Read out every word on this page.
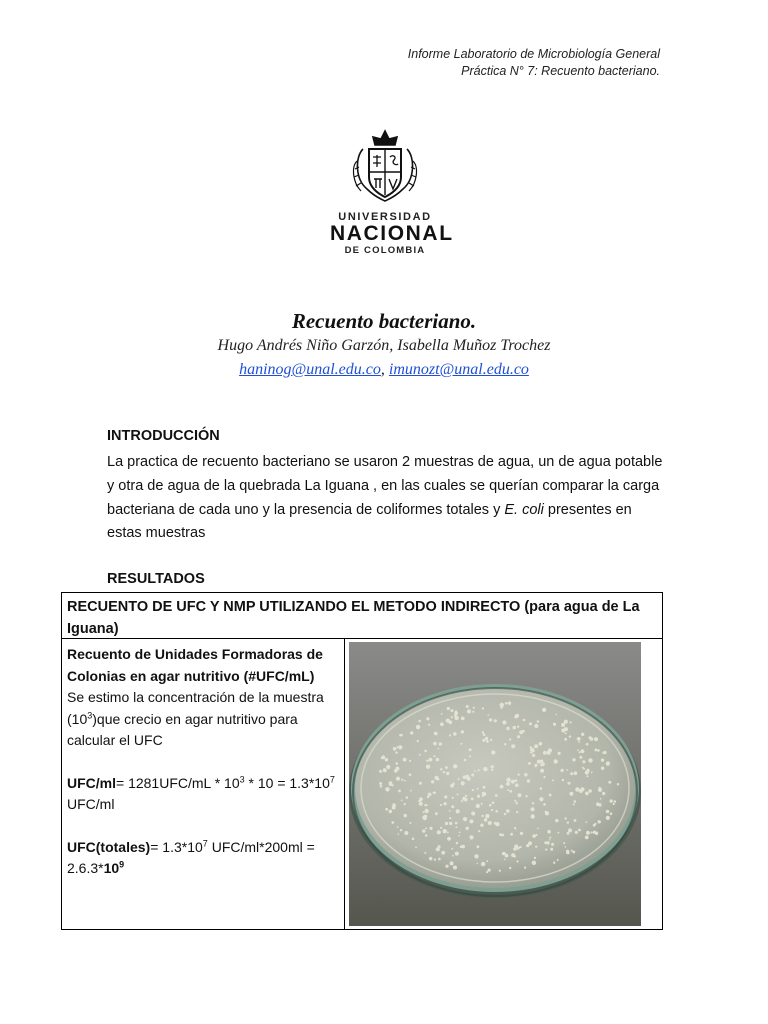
Informe Laboratorio de Microbiología General
Práctica N° 7: Recuento bacteriano.
UNIVERSIDAD
NACIONAL
DE COLOMBIA
Recuento bacteriano.
Hugo Andrés Niño Garzón, Isabella Muñoz Trochez
haninog@unal.edu.co, imunozt@unal.edu.co
INTRODUCCIÓN
La practica de recuento bacteriano se usaron 2 muestras de agua, un de agua potable y otra de agua de la quebrada La Iguana , en las cuales se querían comparar la carga bacteriana de cada uno y la presencia de coliformes totales y E. coli presentes en estas muestras
RESULTADOS
RECUENTO DE UFC Y NMP UTILIZANDO EL METODO INDIRECTO (para agua de La Iguana)

Recuento de Unidades Formadoras de Colonias en agar nutritivo (#UFC/mL)

Se estimo la concentración de la muestra $(10^3)que$ crecio en agar nutritivo para calcular el UFC

$UFC/ml= 1281UFC/mL * 10^3 * 10 = 1.3*10^7$ UFC/ml

UFC(totales)= $1.3*10^7$ $UFC/ml*200ml = 2.6.3*10^9$
